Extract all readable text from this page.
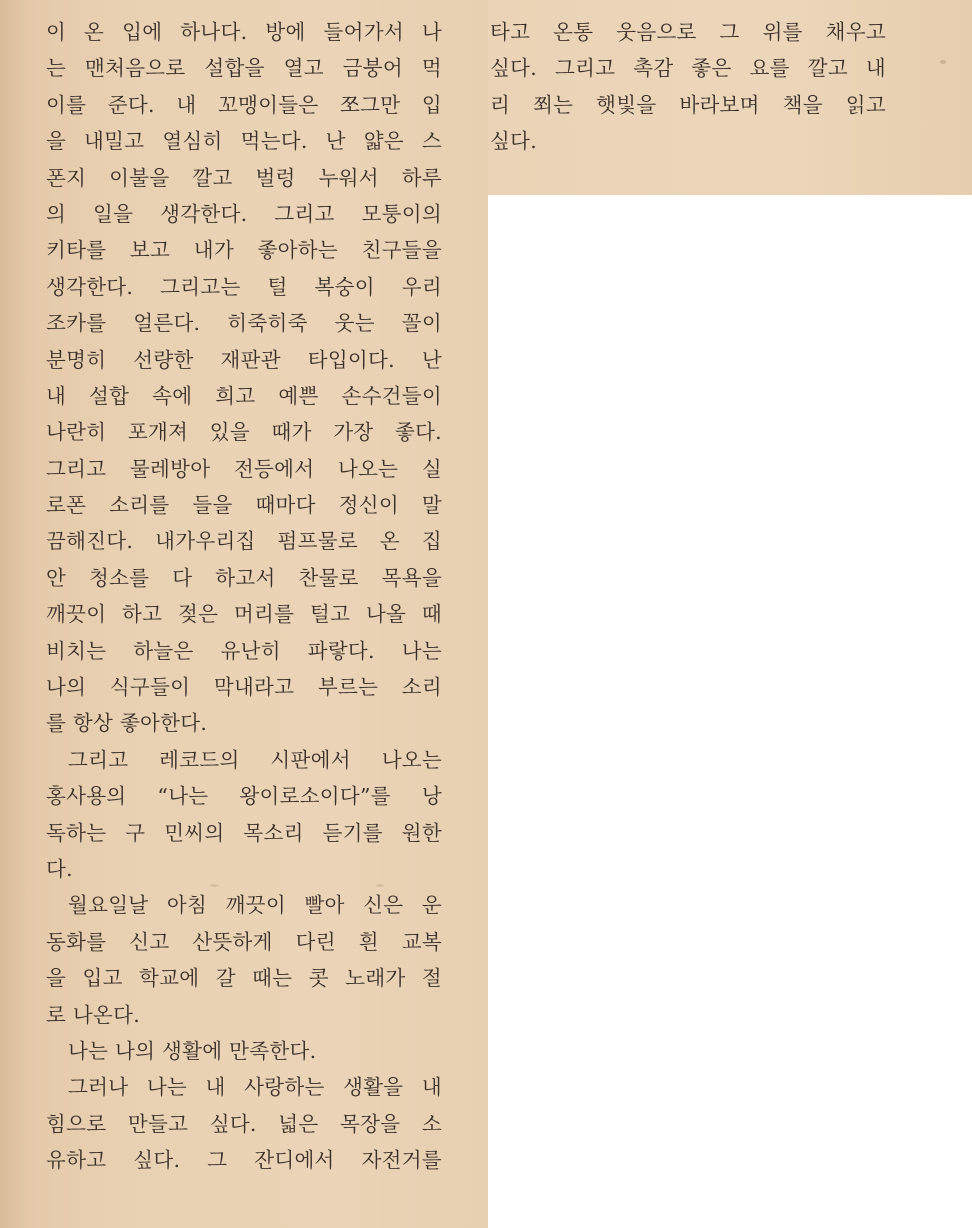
이 온 입에 하나다. 방에 들어가서 나
는 맨처음으로 설합을 열고 금붕어 먹
이를 준다. 내 꼬맹이들은 쪼그만 입
을 내밀고 열심히 먹는다. 난 얇은 스
폰지 이불을 깔고 벌렁 누워서 하루
의 일을 생각한다. 그리고 모퉁이의
키타를 보고 내가 좋아하는 친구들을
생각한다. 그리고는 털 복숭이 우리
조카를 얼른다. 히죽히죽 웃는 꼴이
분명히 선량한 재판관 타입이다. 난
내 설합 속에 희고 예쁜 손수건들이
나란히 포개져 있을 때가 가장 좋다.
그리고 물레방아 전등에서 나오는 실
로폰 소리를 들을 때마다 정신이 말
끔해진다. 내가우리집 펌프물로 온 집
안 청소를 다 하고서 찬물로 목욕을
깨끗이 하고 젖은 머리를 털고 나올 때
비치는 하늘은 유난히 파랗다. 나는
나의 식구들이 막내라고 부르는 소리
를 항상 좋아한다.
그리고 레코드의 시판에서 나오는
홍사용의 “나는 왕이로소이다”를 낭
독하는 구 민씨의 목소리 듣기를 원한
다.
월요일날 아침 깨끗이 빨아 신은 운
동화를 신고 산뜻하게 다린 흰 교복
을 입고 학교에 갈 때는 콧 노래가 절
로 나온다.
나는 나의 생활에 만족한다.
그러나 나는 내 사랑하는 생활을 내
힘으로 만들고 싶다. 넓은 목장을 소
유하고 싶다. 그 잔디에서 자전거를
타고 온통 웃음으로 그 위를 채우고
싶다. 그리고 촉감 좋은 요를 깔고 내
리 쬐는 햇빛을 바라보며 책을 읽고
싶다.
